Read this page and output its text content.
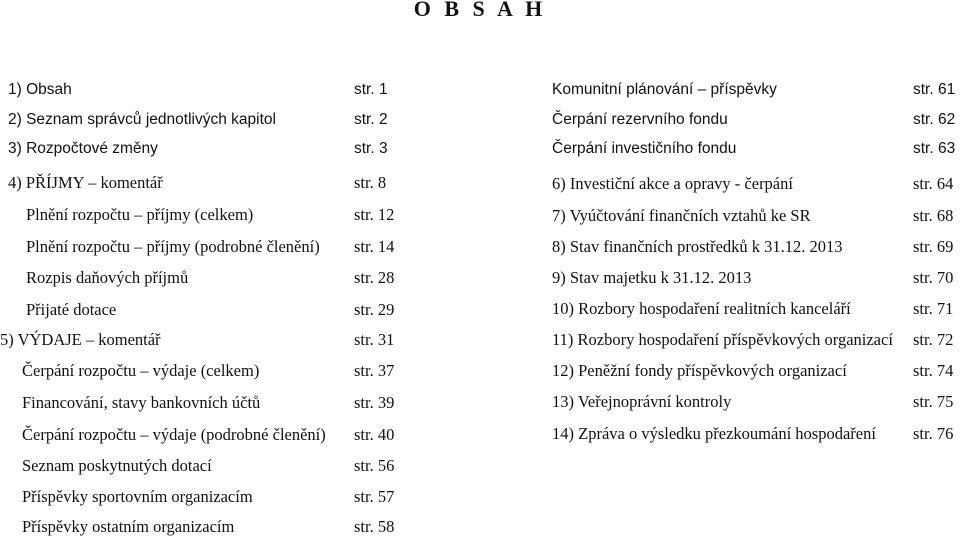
O B S A H
1) Obsah	str. 1
2) Seznam správců jednotlivých kapitol	str. 2
3) Rozpočtové změny	str. 3
4) PŘÍJMY – komentář	str. 8
Plnění rozpočtu – příjmy (celkem)	str. 12
Plnění rozpočtu – příjmy (podrobné členění) str. 14
Rozpis daňových příjmů	str. 28
Přijaté dotace	str. 29
5) VÝDAJE – komentář	str. 31
Čerpání rozpočtu – výdaje (celkem)	str. 37
Financování, stavy bankovních účtů	str. 39
Čerpání rozpočtu – výdaje (podrobné členění) str. 40
Seznam poskytnutých dotací	str. 56
Příspěvky sportovním organizacím	str. 57
Příspěvky ostatním organizacím	str. 58
Komunitní plánování – příspěvky	str. 61
Čerpání rezervního fondu	str. 62
Čerpání investičního fondu	str. 63
6) Investiční akce a opravy - čerpání	str. 64
7) Vyúčtování finančních vztahů ke SR	str. 68
8) Stav finančních prostředků k 31.12. 2013	str. 69
9) Stav majetku k 31.12. 2013	str. 70
10) Rozbory hospodaření realitních kanceláří	str. 71
11) Rozbory hospodaření příspěvkových organizací str. 72
12) Peněžní fondy příspěvkových organizací	str. 74
13) Veřejnoprávní kontroly	str. 75
14) Zpráva o výsledku přezkoumání hospodaření str. 76
